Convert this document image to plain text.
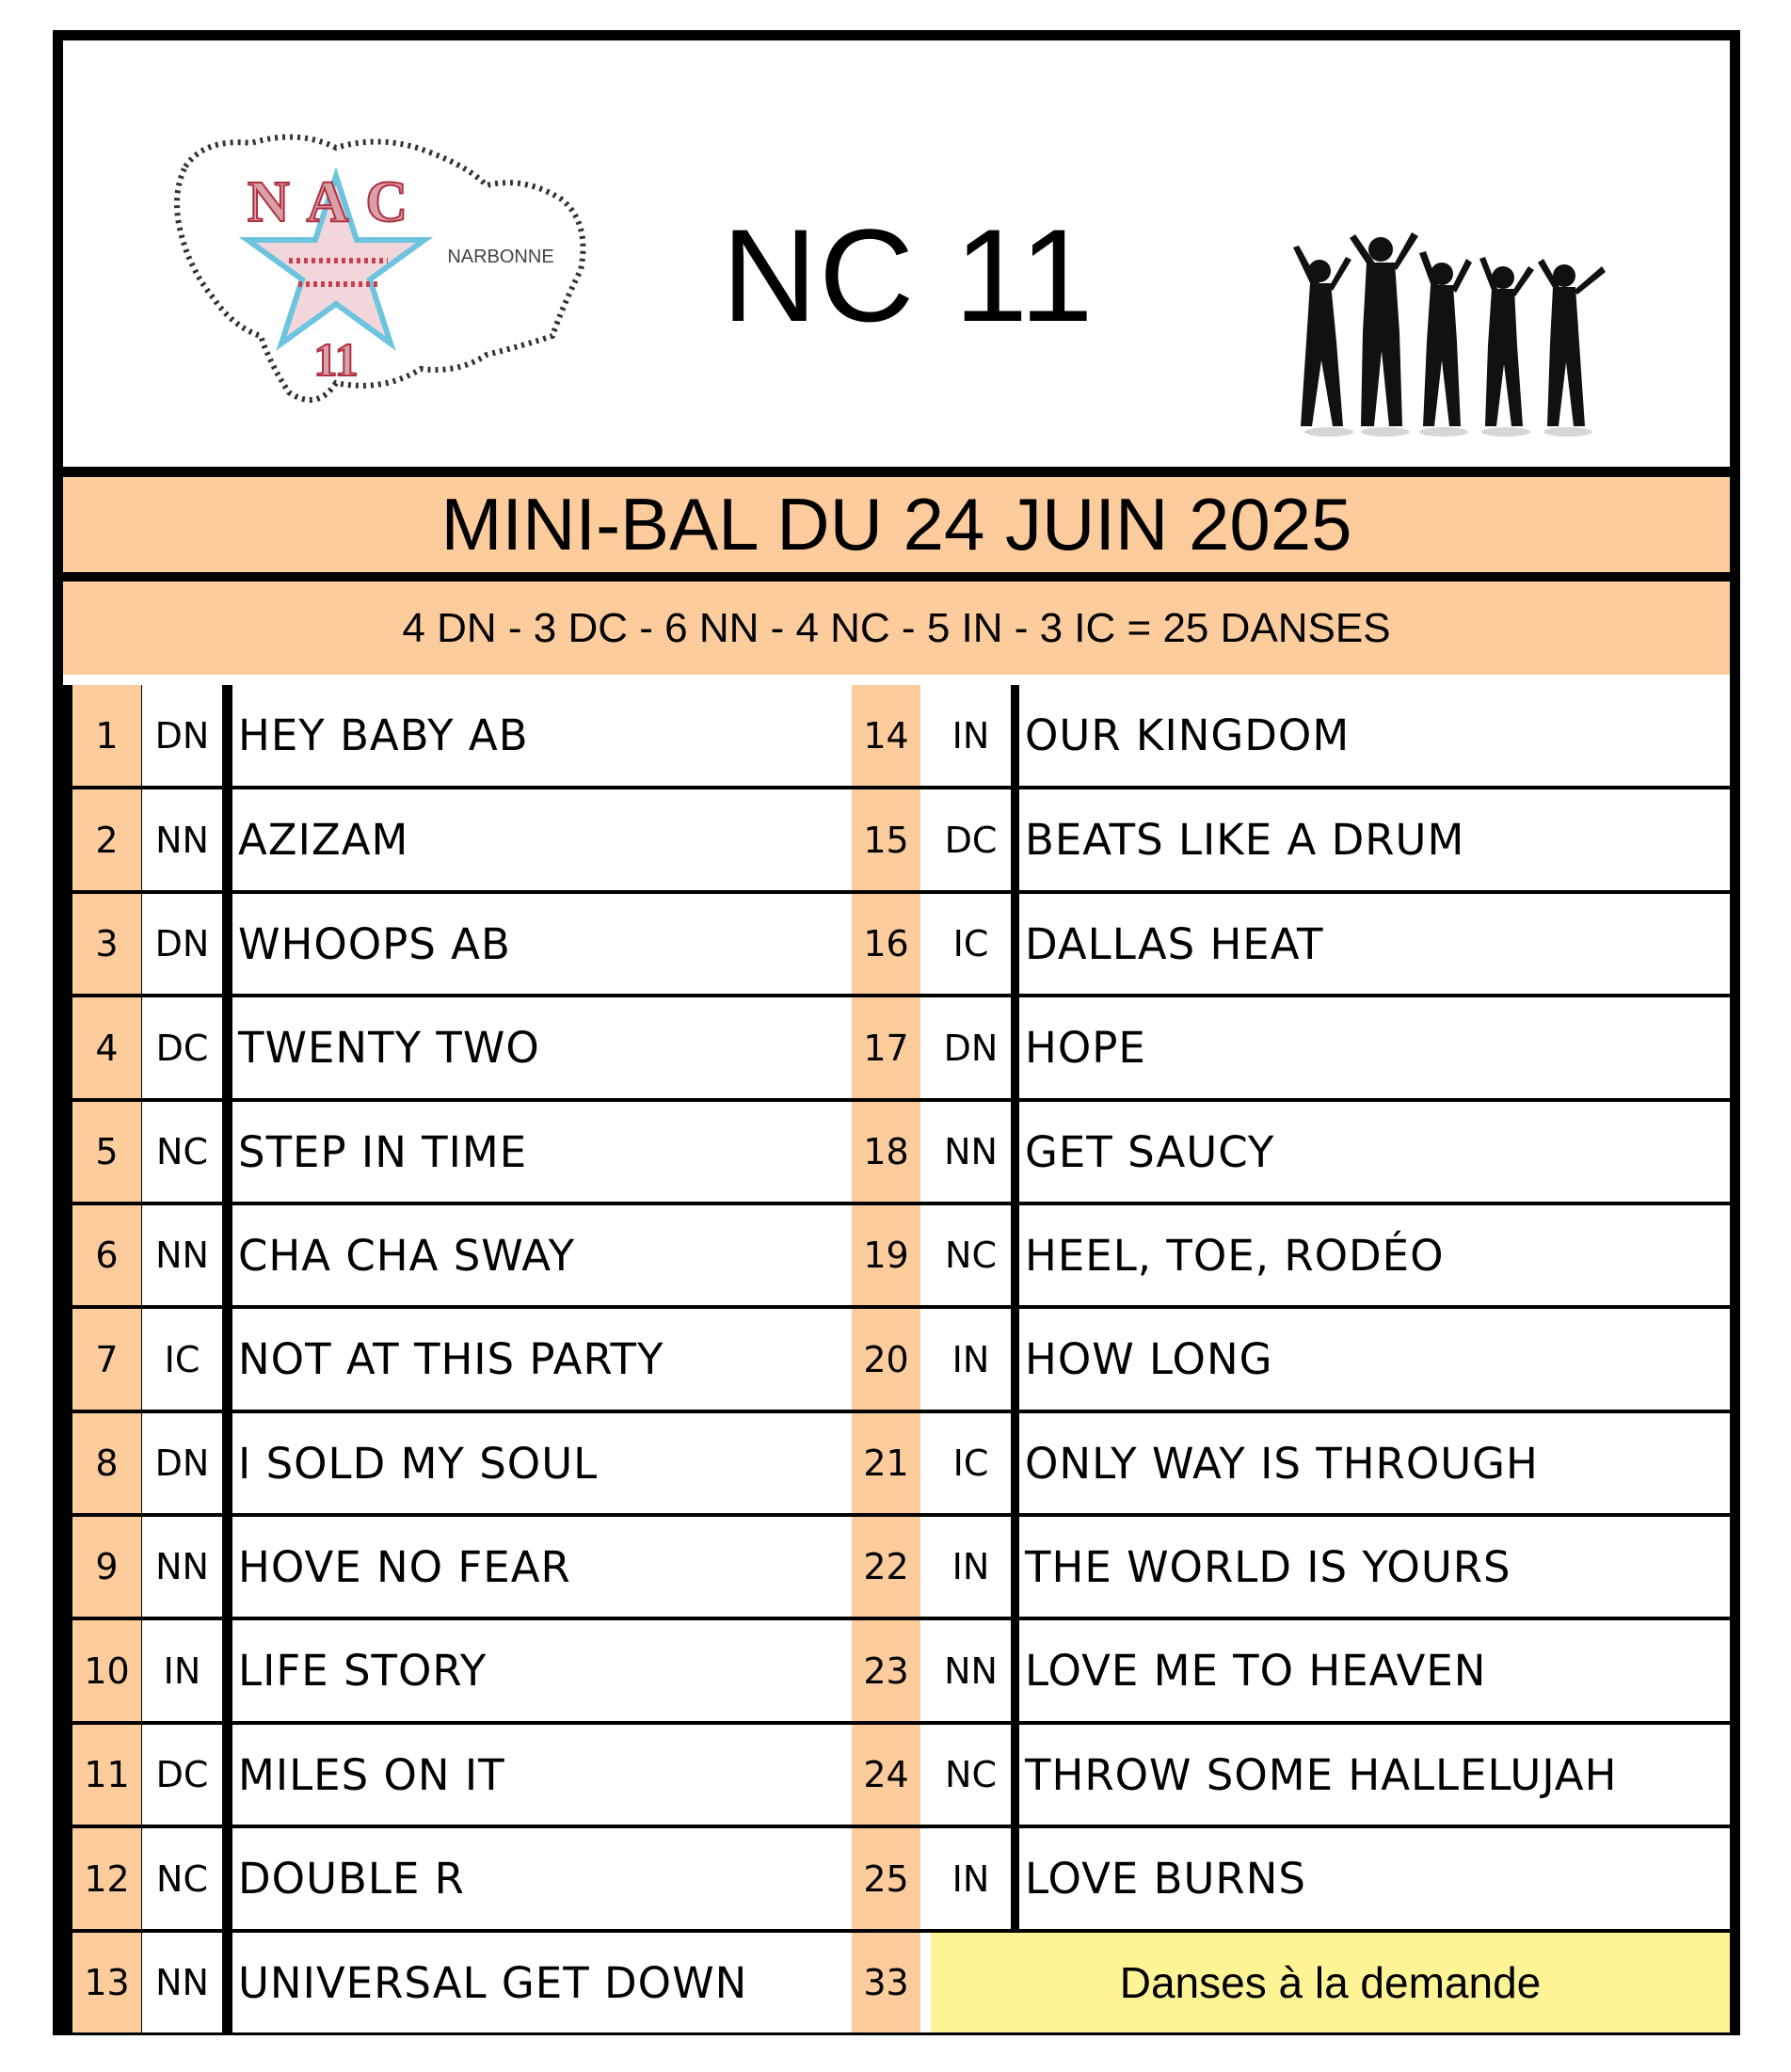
NAC
11
NARBONNE NC 11
MINI-BAL DU 24 JUIN 2025
4 DN - 3 DC - 6 NN - 4 NC - 5 IN - 3 IC = 25 DANSES
1	DN HEY BABY AB
2	NN AZIZAM
3	DN WHOOPS AB
4	DC TWENTY TWO
5	NC STEP IN TIME
6	NN CHA CHA SWAY
7	IC NOT AT THIS PARTY
8	DN I SOLD MY SOUL
9	NN HOVE NO FEAR
10 IN LIFE STORY
11 DC MILES ON IT
12 NC DOUBLE R
13 NN UNIVERSAL GET DOWN
14	IN OUR KINGDOM
15 DC BEATS LIKE A DRUM
16	IC DALLAS HEAT
17 DN HOPE
18 NN GET SAUCY
19	NC HEEL, TOE, RODÉO
20	IN HOW LONG
21	IC ONLY WAY IS THROUGH
22	IN THE WORLD IS YOURS
23 NN LOVE ME TO HEAVEN
24	NC THROW SOME HALLELUJAH
25	IN LOVE BURNS
33	Danses à la demande
